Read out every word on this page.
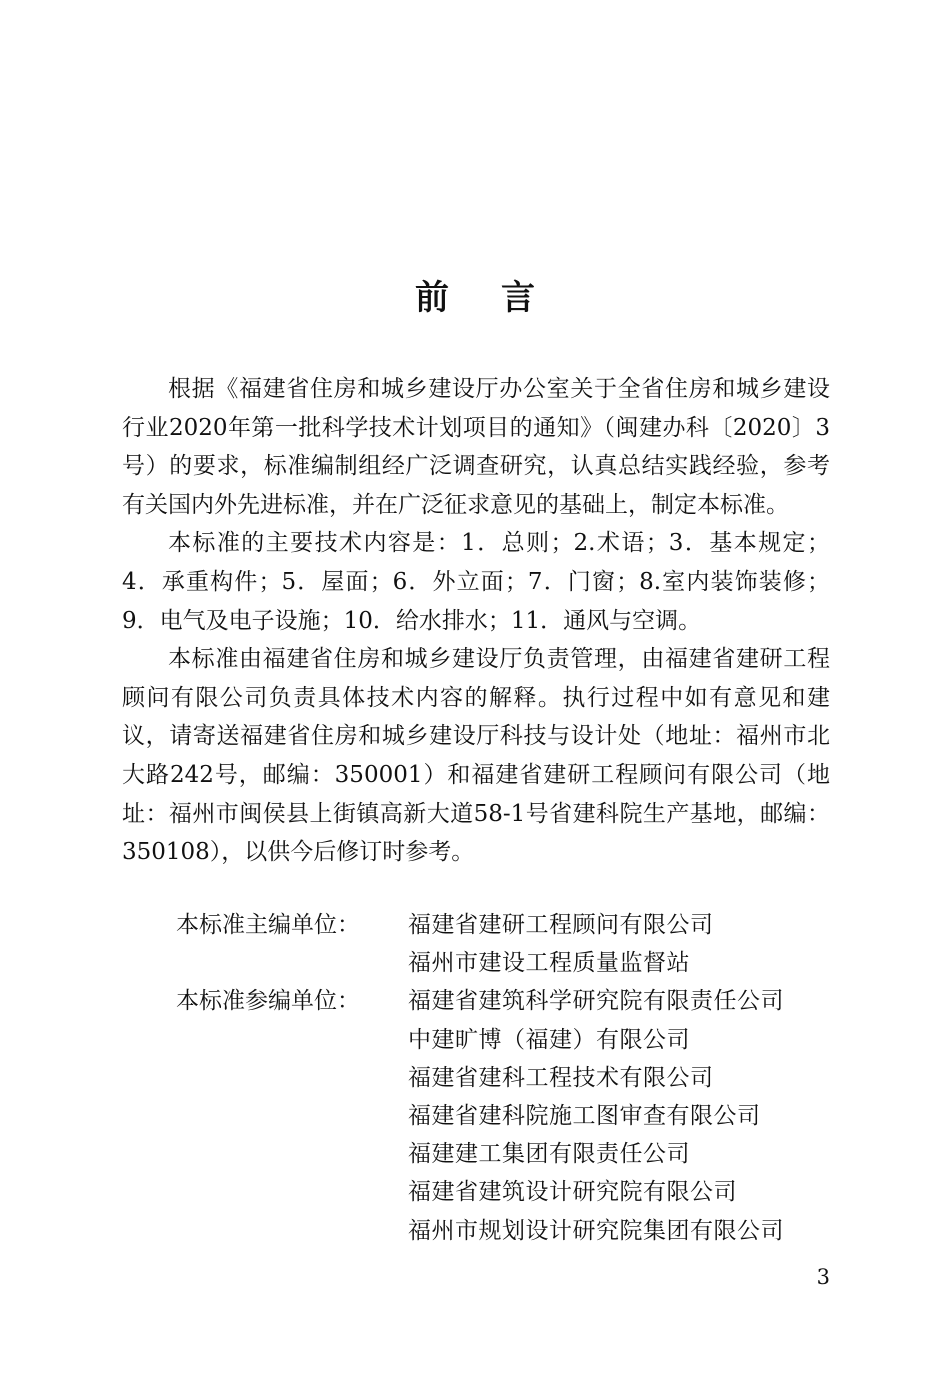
前 言

根据《福建省住房和城乡建设厅办公室关于全省住房和城乡建设行业2020年第一批科学技术计划项目的通知》（闽建办科〔2020〕3号）的要求，标准编制组经广泛调查研究，认真总结实践经验，参考有关国内外先进标准，并在广泛征求意见的基础上，制定本标准。

本标准的主要技术内容是：1．总则；2.术语；3．基本规定；4．承重构件；5．屋面；6．外立面；7．门窗；8.室内装饰装修；9．电气及电子设施；10．给水排水；11．通风与空调。

本标准由福建省住房和城乡建设厅负责管理，由福建省建研工程顾问有限公司负责具体技术内容的解释。执行过程中如有意见和建议，请寄送福建省住房和城乡建设厅科技与设计处（地址：福州市北大路242号，邮编：350001）和福建省建研工程顾问有限公司（地址：福州市闽侯县上街镇高新大道58-1号省建科院生产基地，邮编：350108），以供今后修订时参考。

本标准主编单位：	福建省建研工程顾问有限公司
福州市建设工程质量监督站
本标准参编单位：	福建省建筑科学研究院有限责任公司
中建旷博（福建）有限公司
福建省建科工程技术有限公司
福建省建科院施工图审查有限公司
福建建工集团有限责任公司
福建省建筑设计研究院有限公司
福州市规划设计研究院集团有限公司
3
